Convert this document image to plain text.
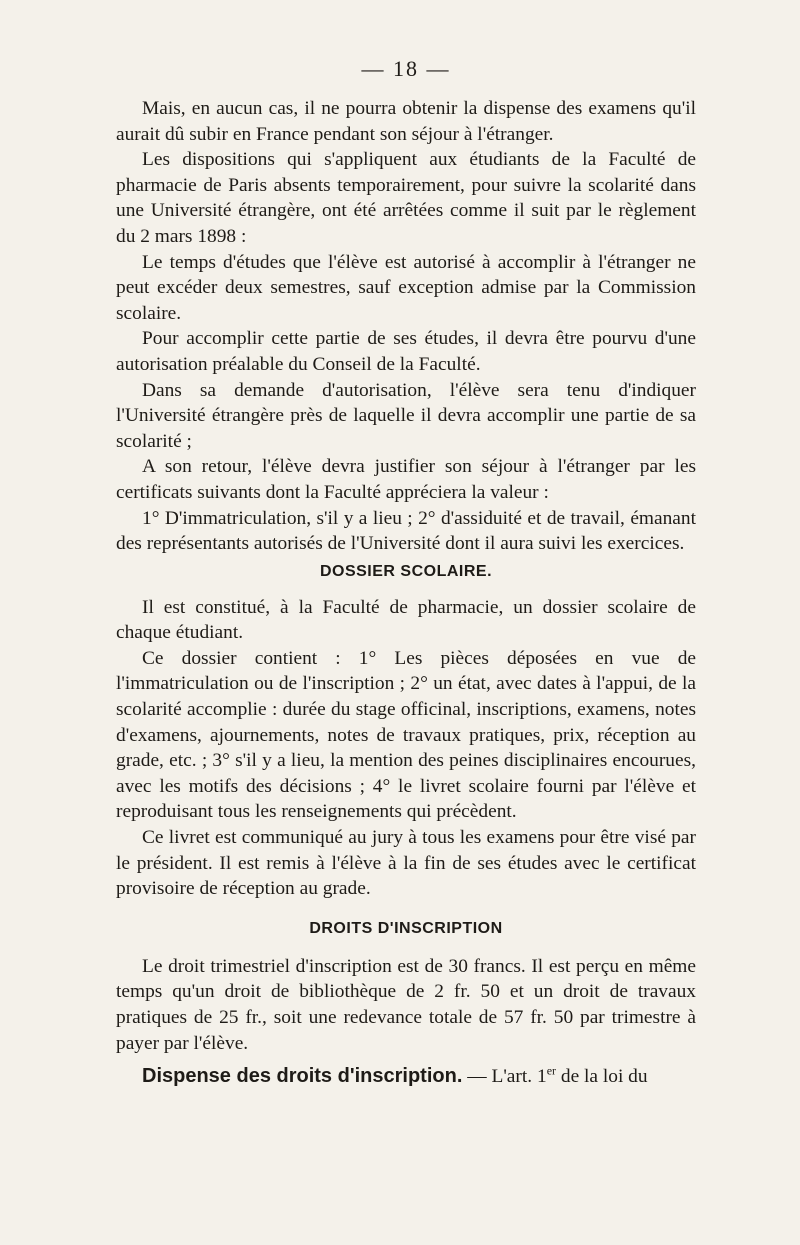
— 18 —

Mais, en aucun cas, il ne pourra obtenir la dispense des examens qu'il aurait dû subir en France pendant son séjour à l'étranger.

Les dispositions qui s'appliquent aux étudiants de la Faculté de pharmacie de Paris absents temporairement, pour suivre la scolarité dans une Université étrangère, ont été arrêtées comme il suit par le règlement du 2 mars 1898 :

Le temps d'études que l'élève est autorisé à accomplir à l'étranger ne peut excéder deux semestres, sauf exception admise par la Commission scolaire.

Pour accomplir cette partie de ses études, il devra être pourvu d'une autorisation préalable du Conseil de la Faculté.

Dans sa demande d'autorisation, l'élève sera tenu d'indiquer l'Université étrangère près de laquelle il devra accomplir une partie de sa scolarité ;

A son retour, l'élève devra justifier son séjour à l'étranger par les certificats suivants dont la Faculté appréciera la valeur :

1° D'immatriculation, s'il y a lieu ; 2° d'assiduité et de travail, émanant des représentants autorisés de l'Université dont il aura suivi les exercices.

DOSSIER SCOLAIRE.

Il est constitué, à la Faculté de pharmacie, un dossier scolaire de chaque étudiant.

Ce dossier contient : 1° Les pièces déposées en vue de l'immatriculation ou de l'inscription ; 2° un état, avec dates à l'appui, de la scolarité accomplie : durée du stage officinal, inscriptions, examens, notes d'examens, ajournements, notes de travaux pratiques, prix, réception au grade, etc. ; 3° s'il y a lieu, la mention des peines disciplinaires encourues, avec les motifs des décisions ; 4° le livret scolaire fourni par l'élève et reproduisant tous les renseignements qui précèdent.

Ce livret est communiqué au jury à tous les examens pour être visé par le président. Il est remis à l'élève à la fin de ses études avec le certificat provisoire de réception au grade.

DROITS D'INSCRIPTION

Le droit trimestriel d'inscription est de 30 francs. Il est perçu en même temps qu'un droit de bibliothèque de 2 fr. 50 et un droit de travaux pratiques de 25 fr., soit une redevance totale de 57 fr. 50 par trimestre à payer par l'élève.

Dispense des droits d'inscription. — L'art. 1er de la loi du
